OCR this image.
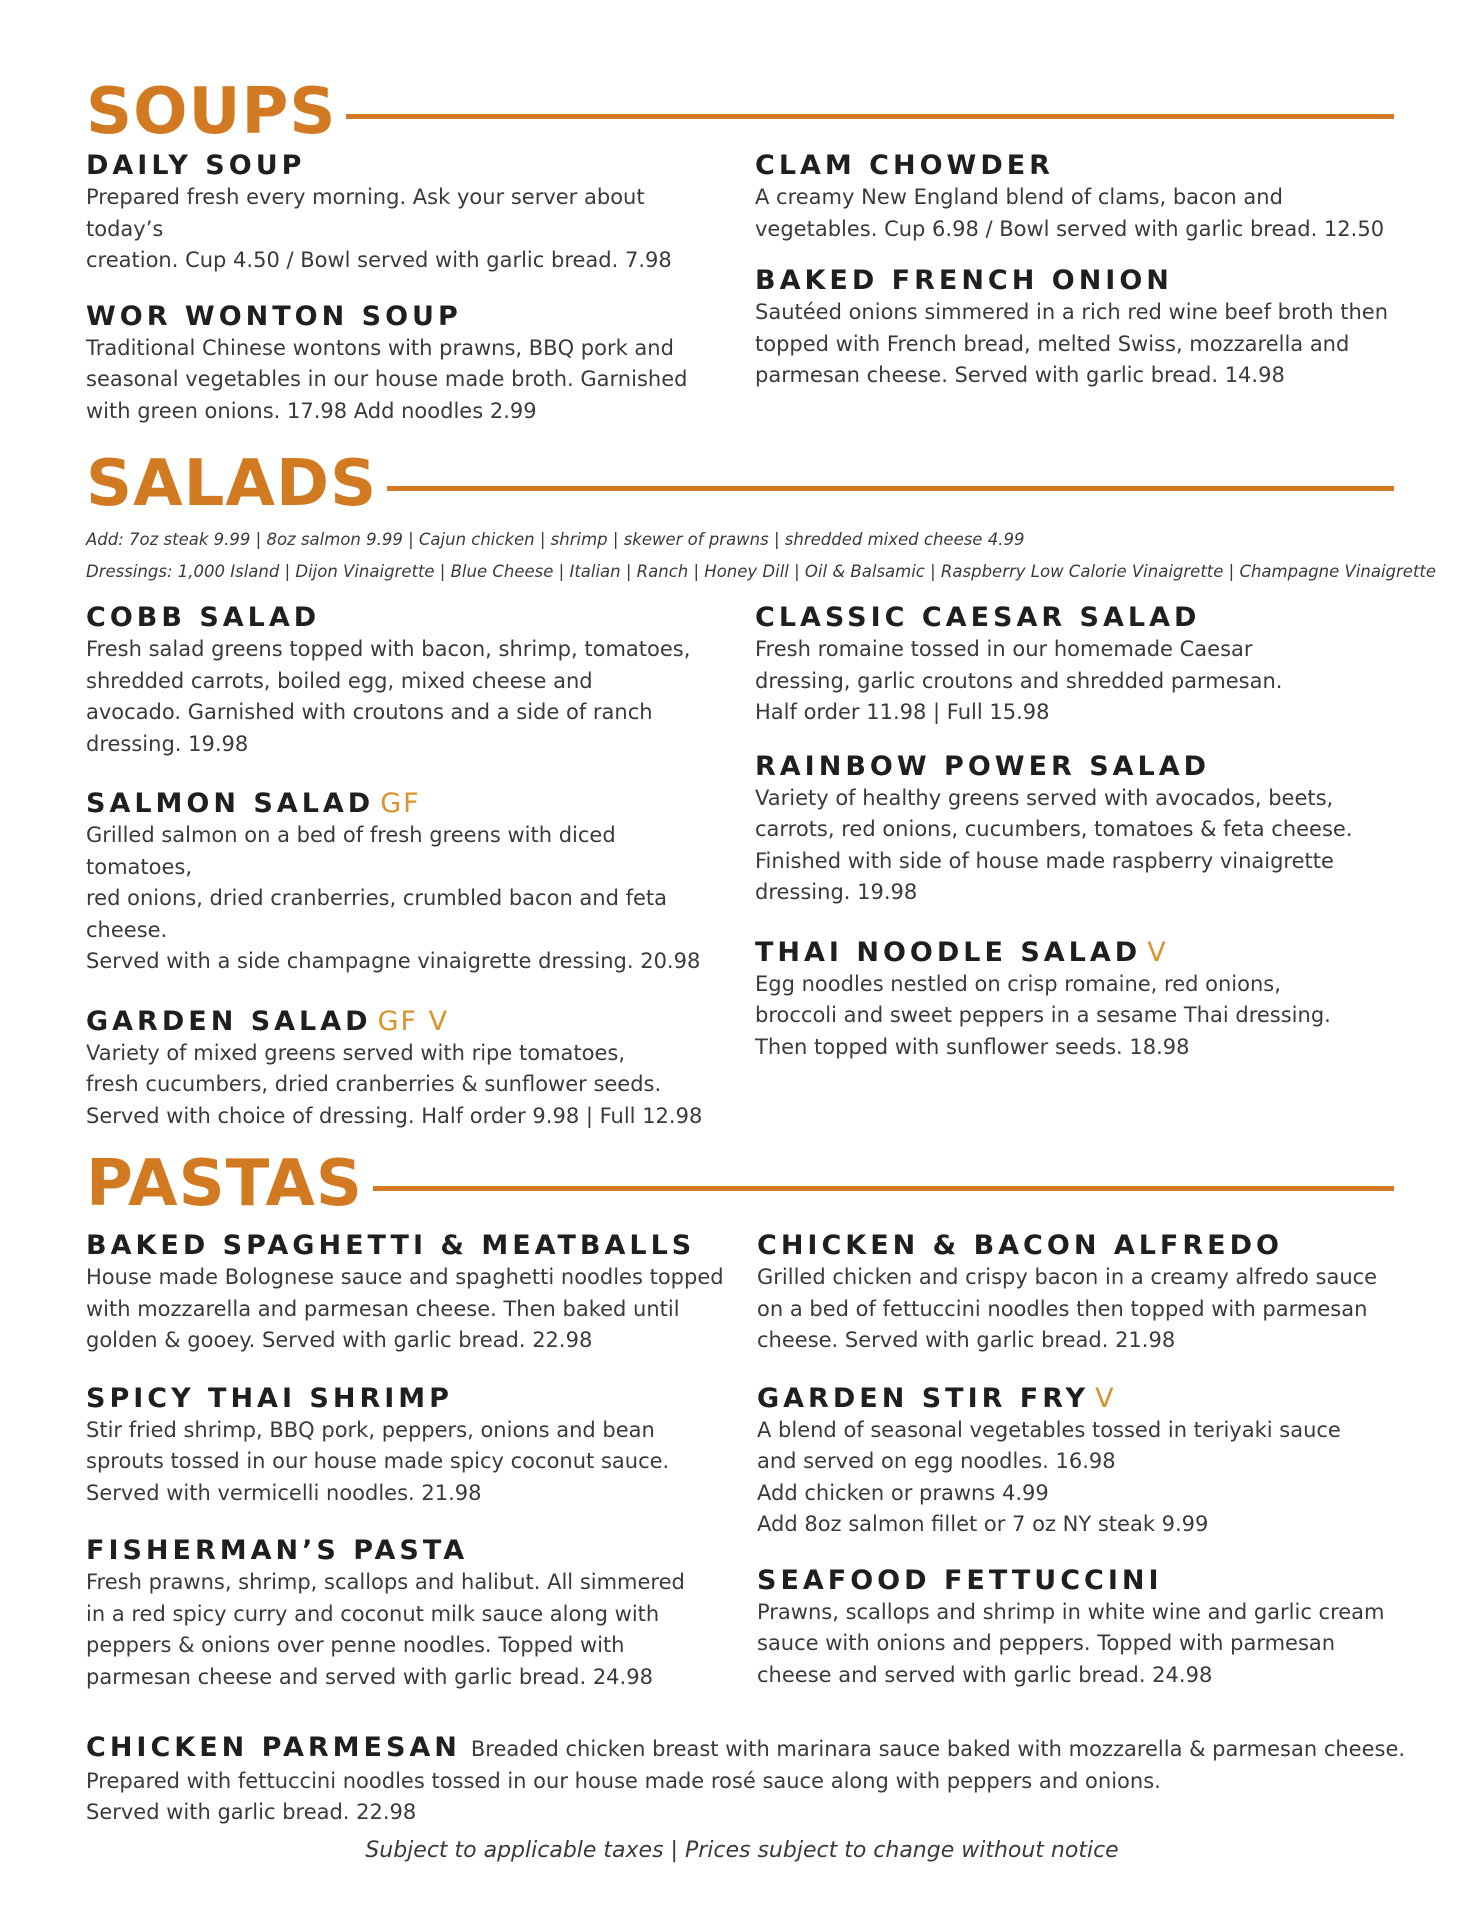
SOUPS
DAILY SOUP
Prepared fresh every morning. Ask your server about today’s
creation. Cup 4.50 / Bowl served with garlic bread. 7.98
WOR WONTON SOUP
Traditional Chinese wontons with prawns, BBQ pork and
seasonal vegetables in our house made broth. Garnished
with green onions. 17.98 Add noodles 2.99
CLAM CHOWDER
A creamy New England blend of clams, bacon and
vegetables. Cup 6.98 / Bowl served with garlic bread. 12.50
BAKED FRENCH ONION
Sautéed onions simmered in a rich red wine beef broth then
topped with French bread, melted Swiss, mozzarella and
parmesan cheese. Served with garlic bread. 14.98
SALADS
Add: 7oz steak 9.99 | 8oz salmon 9.99 | Cajun chicken | shrimp | skewer of prawns | shredded mixed cheese 4.99
Dressings: 1,000 Island | Dijon Vinaigrette | Blue Cheese | Italian | Ranch | Honey Dill | Oil & Balsamic | Raspberry Low Calorie Vinaigrette | Champagne Vinaigrette
COBB SALAD
Fresh salad greens topped with bacon, shrimp, tomatoes,
shredded carrots, boiled egg, mixed cheese and
avocado. Garnished with croutons and a side of ranch
dressing. 19.98
SALMON SALAD GF
Grilled salmon on a bed of fresh greens with diced tomatoes,
red onions, dried cranberries, crumbled bacon and feta cheese.
Served with a side champagne vinaigrette dressing. 20.98
GARDEN SALAD GF V
Variety of mixed greens served with ripe tomatoes,
fresh cucumbers, dried cranberries & sunflower seeds.
Served with choice of dressing. Half order 9.98 | Full 12.98
CLASSIC CAESAR SALAD
Fresh romaine tossed in our homemade Caesar
dressing, garlic croutons and shredded parmesan.
Half order 11.98 | Full 15.98
RAINBOW POWER SALAD
Variety of healthy greens served with avocados, beets,
carrots, red onions, cucumbers, tomatoes & feta cheese.
Finished with side of house made raspberry vinaigrette
dressing. 19.98
THAI NOODLE SALAD V
Egg noodles nestled on crisp romaine, red onions,
broccoli and sweet peppers in a sesame Thai dressing.
Then topped with sunflower seeds. 18.98
PASTAS
BAKED SPAGHETTI & MEATBALLS
House made Bolognese sauce and spaghetti noodles topped
with mozzarella and parmesan cheese. Then baked until
golden & gooey. Served with garlic bread. 22.98
SPICY THAI SHRIMP
Stir fried shrimp, BBQ pork, peppers, onions and bean
sprouts tossed in our house made spicy coconut sauce.
Served with vermicelli noodles. 21.98
FISHERMAN’S PASTA
Fresh prawns, shrimp, scallops and halibut. All simmered
in a red spicy curry and coconut milk sauce along with
peppers & onions over penne noodles. Topped with
parmesan cheese and served with garlic bread. 24.98
CHICKEN & BACON ALFREDO
Grilled chicken and crispy bacon in a creamy alfredo sauce
on a bed of fettuccini noodles then topped with parmesan
cheese. Served with garlic bread. 21.98
GARDEN STIR FRY V
A blend of seasonal vegetables tossed in teriyaki sauce
and served on egg noodles. 16.98
Add chicken or prawns 4.99
Add 8oz salmon fillet or 7 oz NY steak 9.99
SEAFOOD FETTUCCINI
Prawns, scallops and shrimp in white wine and garlic cream
sauce with onions and peppers. Topped with parmesan
cheese and served with garlic bread. 24.98
CHICKEN PARMESAN Breaded chicken breast with marinara sauce baked with mozzarella & parmesan cheese.
Prepared with fettuccini noodles tossed in our house made rosé sauce along with peppers and onions.
Served with garlic bread. 22.98
Subject to applicable taxes | Prices subject to change without notice
